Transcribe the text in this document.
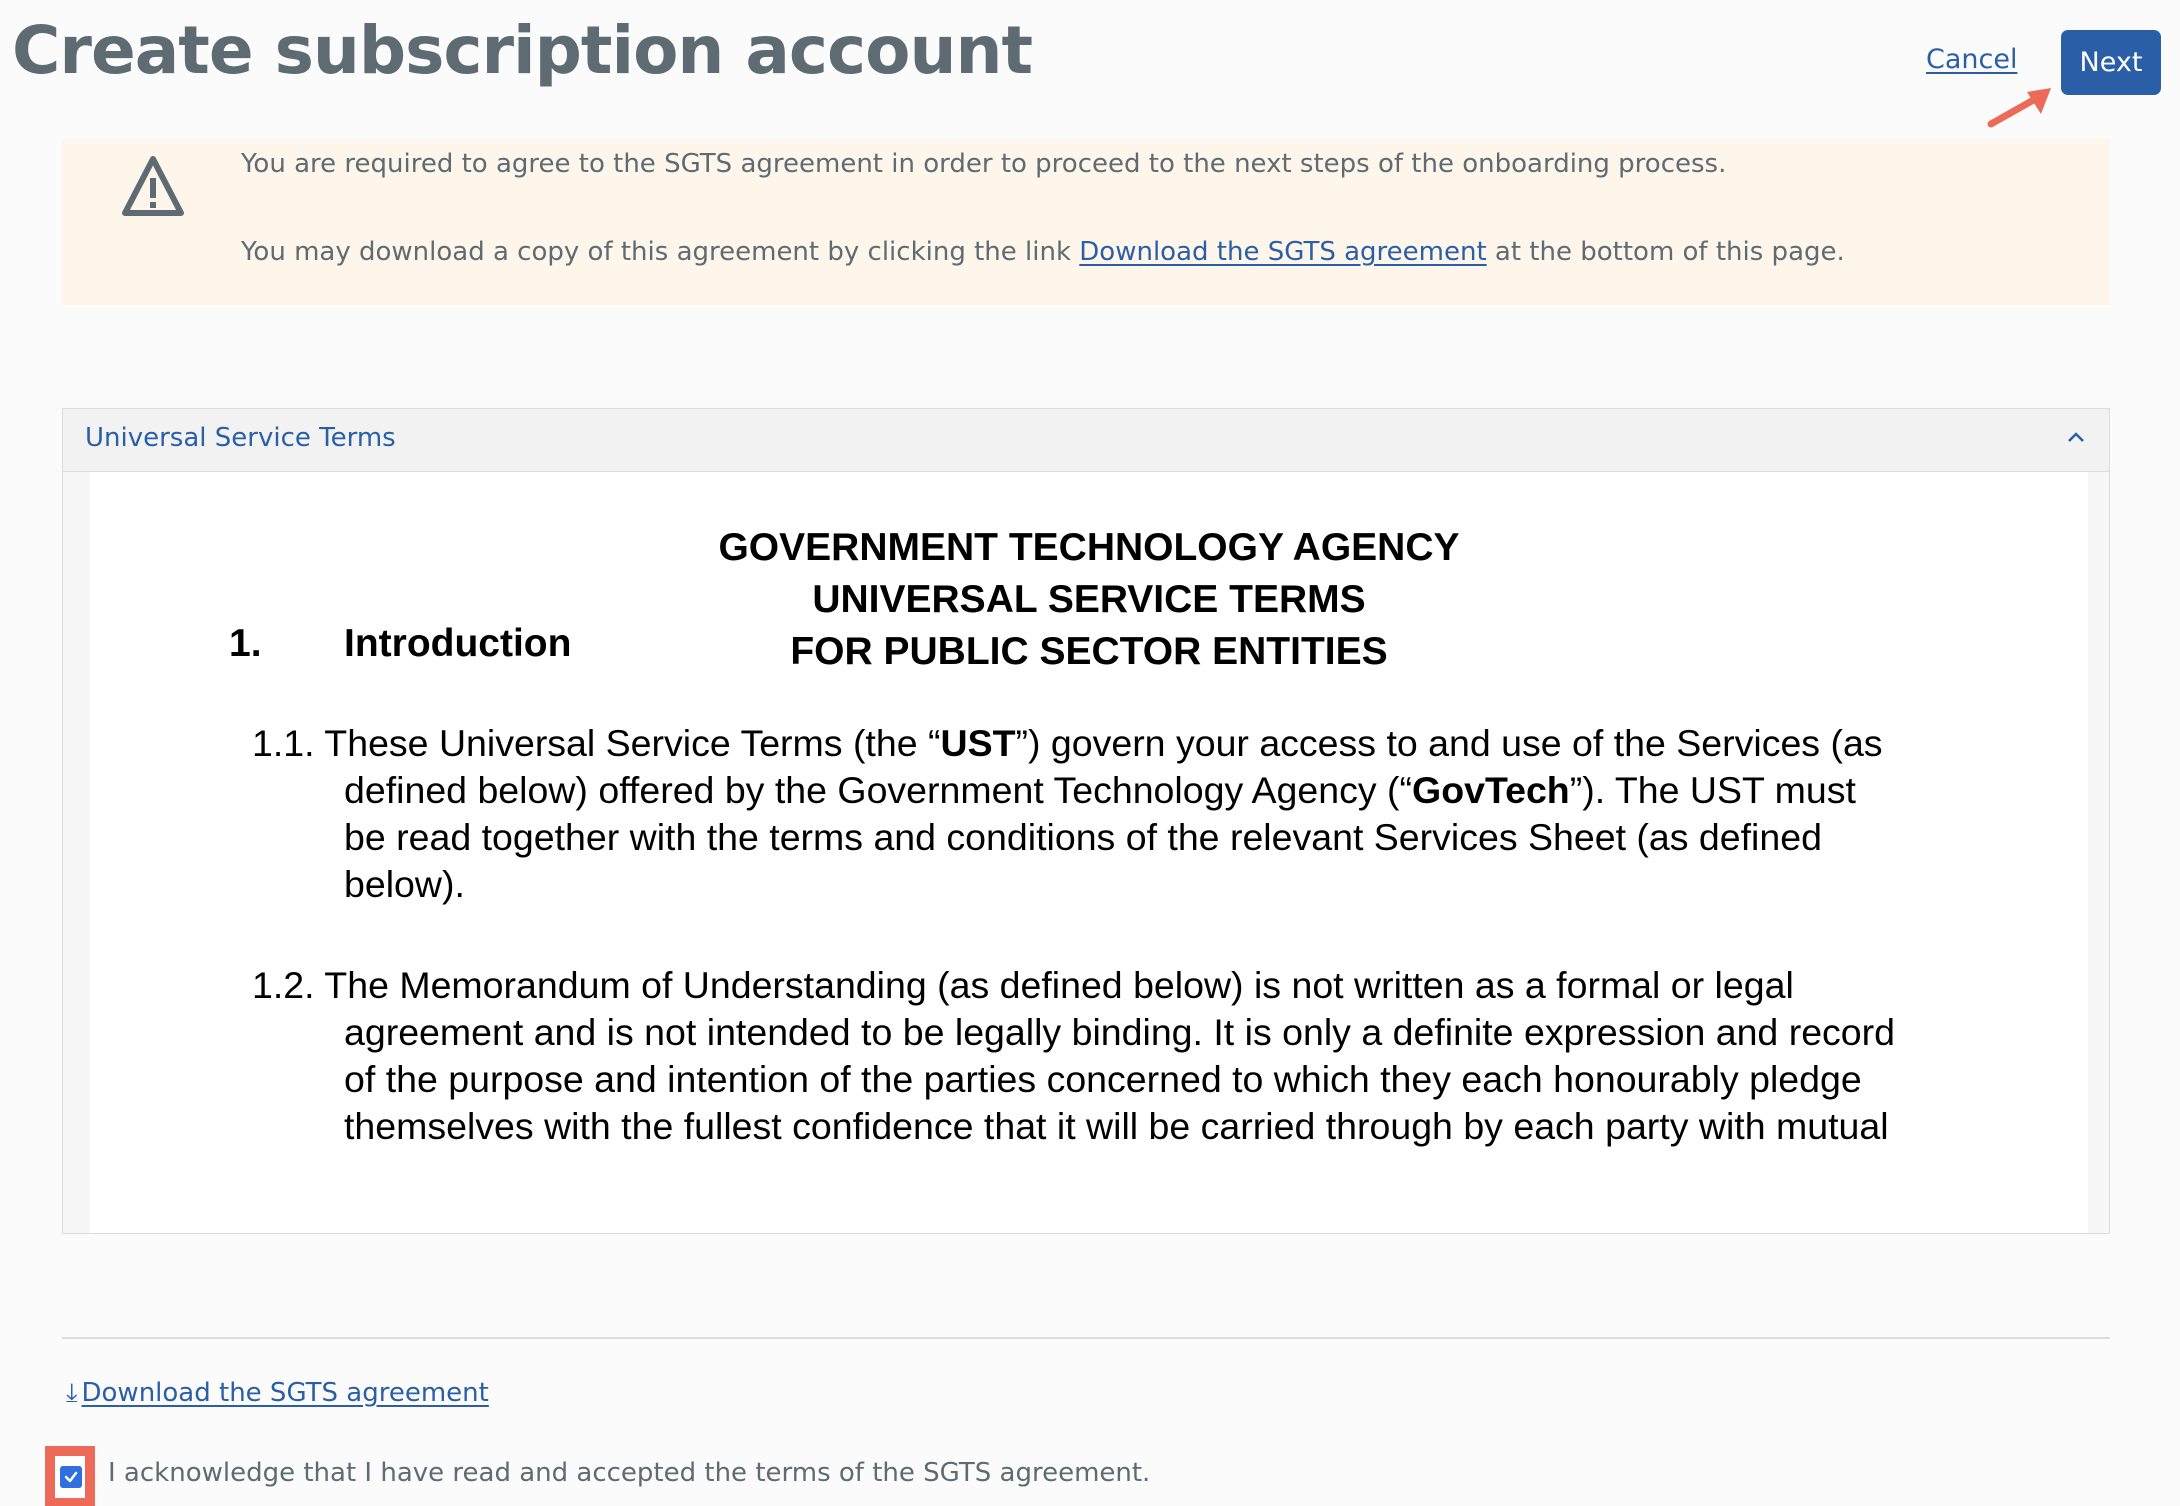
Create subscription account	Cancel	Next

You are required to agree to the SGTS agreement in order to proceed to the next steps of the onboarding process.

You may download a copy of this agreement by clicking the link Download the SGTS agreement at the bottom of this page.

Universal Service Terms
GOVERNMENT TECHNOLOGY AGENCY
UNIVERSAL SERVICE TERMS
FOR PUBLIC SECTOR ENTITIES
1. Introduction
1.1. These Universal Service Terms (the “UST”) govern your access to and use of the Services (as
defined below) offered by the Government Technology Agency (“GovTech”). The UST must
be read together with the terms and conditions of the relevant Services Sheet (as defined
below).
1.2. The Memorandum of Understanding (as defined below) is not written as a formal or legal
agreement and is not intended to be legally binding. It is only a definite expression and record
of the purpose and intention of the parties concerned to which they each honourably pledge
themselves with the fullest confidence that it will be carried through by each party with mutual
⤓ Download the SGTS agreement
I acknowledge that I have read and accepted the terms of the SGTS agreement.
